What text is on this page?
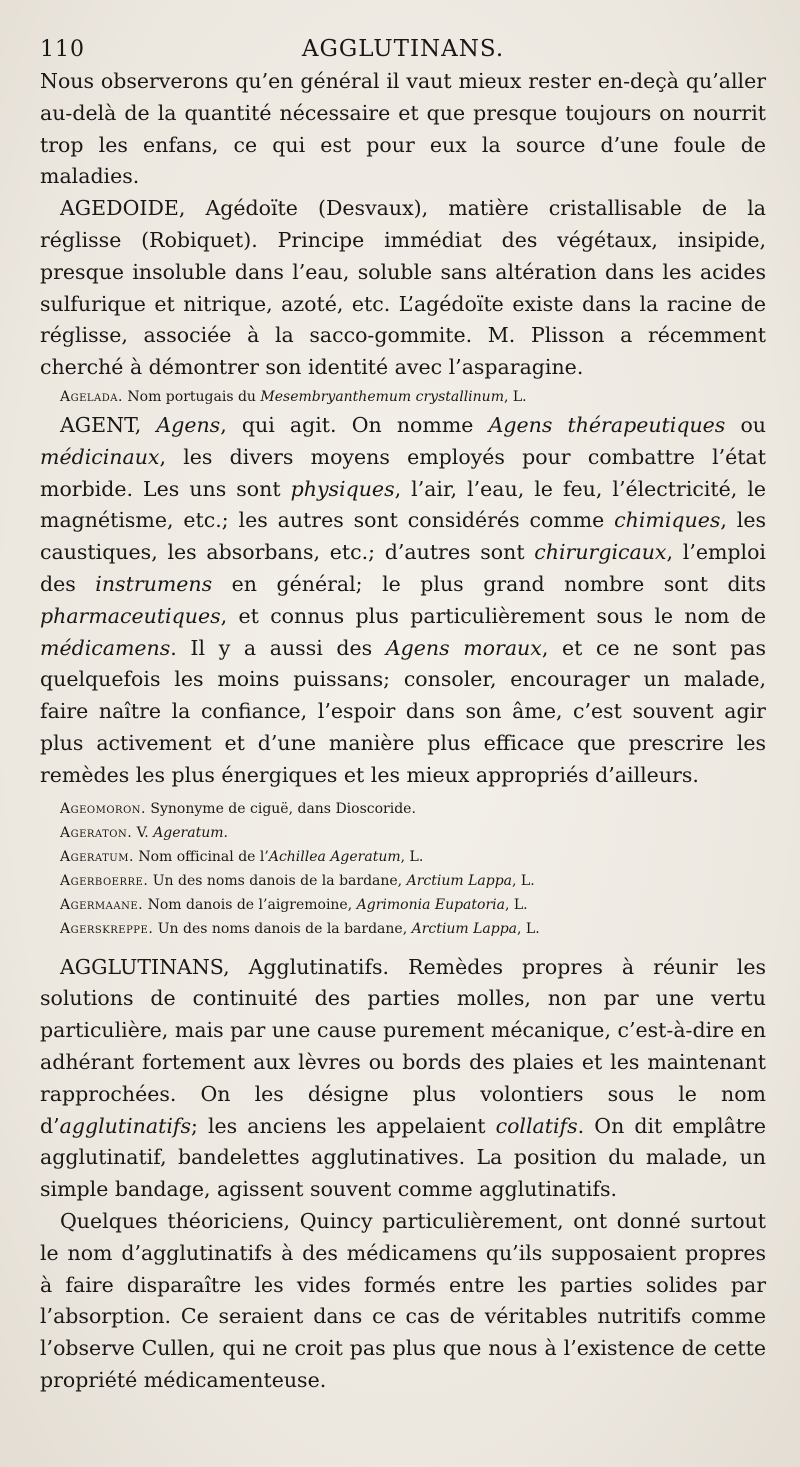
110	AGGLUTINANS.

Nous observerons qu’en général il vaut mieux rester en-deçà qu’aller au-delà de la quantité nécessaire et que presque toujours on nourrit trop les enfans, ce qui est pour eux la source d’une foule de maladies.

AGEDOIDE, Agédoïte (Desvaux), matière cristallisable de la réglisse (Robiquet). Principe immédiat des végétaux, insipide, presque insoluble dans l’eau, soluble sans altération dans les acides sulfurique et nitrique, azoté, etc. L’agédoïte existe dans la racine de réglisse, associée à la sacco-gommite. M. Plisson a récemment cherché à démontrer son identité avec l’asparagine.

Agelada. Nom portugais du Mesembryanthemum crystallinum, L.

AGENT, Agens, qui agit. On nomme Agens thérapeutiques ou médicinaux, les divers moyens employés pour combattre l’état morbide. Les uns sont physiques, l’air, l’eau, le feu, l’électricité, le magnétisme, etc.; les autres sont considérés comme chimiques, les caustiques, les absorbans, etc.; d’autres sont chirurgicaux, l’emploi des instrumens en général; le plus grand nombre sont dits pharmaceutiques, et connus plus particulièrement sous le nom de médicamens. Il y a aussi des Agens moraux, et ce ne sont pas quelquefois les moins puissans; consoler, encourager un malade, faire naître la confiance, l’espoir dans son âme, c’est souvent agir plus activement et d’une manière plus efficace que prescrire les remèdes les plus énergiques et les mieux appropriés d’ailleurs.

Ageomoron. Synonyme de ciguë, dans Dioscoride.

Ageraton. V. Ageratum.

Ageratum. Nom officinal de l’Achillea Ageratum, L.

Agerboerre. Un des noms danois de la bardane, Arctium Lappa, L.

Agermaane. Nom danois de l’aigremoine, Agrimonia Eupatoria, L.

Agerskreppe. Un des noms danois de la bardane, Arctium Lappa, L.

AGGLUTINANS, Agglutinatifs. Remèdes propres à réunir les solutions de continuité des parties molles, non par une vertu particulière, mais par une cause purement mécanique, c’est-à-dire en adhérant fortement aux lèvres ou bords des plaies et les maintenant rapprochées. On les désigne plus volontiers sous le nom d’agglutinatifs; les anciens les appelaient collatifs. On dit emplâtre agglutinatif, bandelettes agglutinatives. La position du malade, un simple bandage, agissent souvent comme agglutinatifs.

Quelques théoriciens, Quincy particulièrement, ont donné surtout le nom d’agglutinatifs à des médicamens qu’ils supposaient propres à faire disparaître les vides formés entre les parties solides par l’absorption. Ce seraient dans ce cas de véritables nutritifs comme l’observe Cullen, qui ne croit pas plus que nous à l’existence de cette propriété médicamenteuse.
